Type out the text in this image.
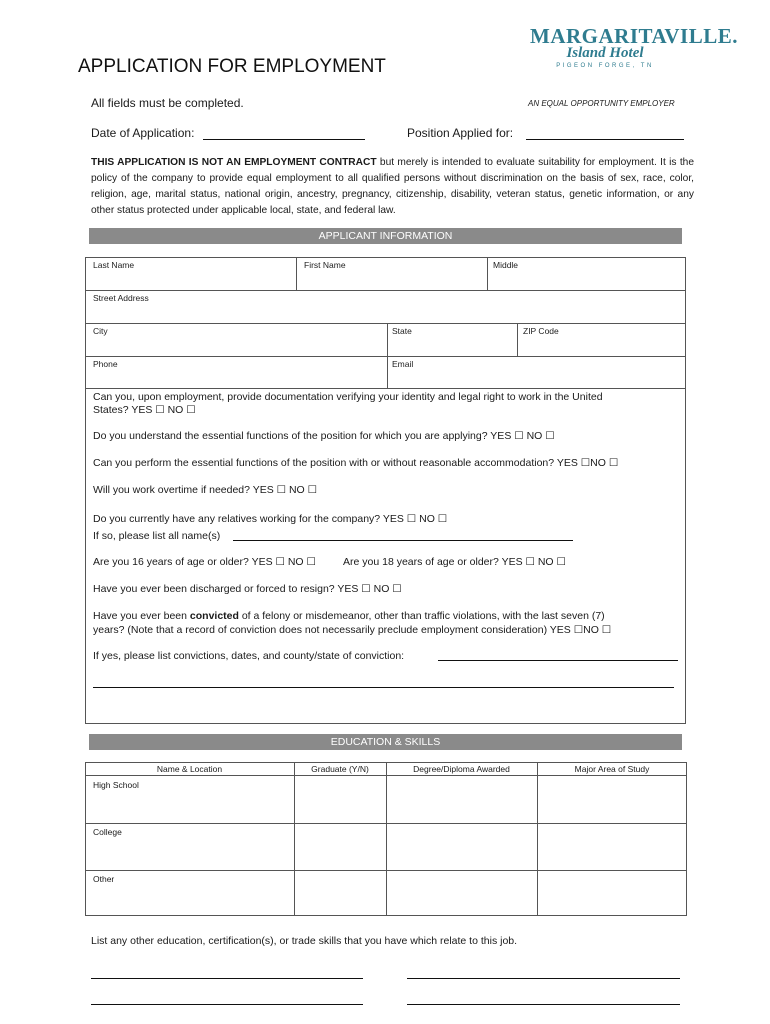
MARGARITAVILLE.
Island Hotel
PIGEON FORGE, TN
APPLICATION FOR EMPLOYMENT
All fields must be completed.	AN EQUAL OPPORTUNITY EMPLOYER
Date of Application:	Position Applied for:
THIS APPLICATION IS NOT AN EMPLOYMENT CONTRACT but merely is intended to evaluate suitability for employment. It is the policy of the company to provide equal employment to all qualified persons without discrimination on the basis of sex, race, color, religion, age, marital status, national origin, ancestry, pregnancy, citizenship, disability, veteran status, genetic information, or any other status protected under applicable local, state, and federal law.
APPLICANT INFORMATION
Last Name	First Name	Middle
Street Address
City	State	ZIP Code
Phone	Email
Can you, upon employment, provide documentation verifying your identity and legal right to work in the United
States? YES ☐ NO ☐
Do you understand the essential functions of the position for which you are applying? YES ☐ NO ☐
Can you perform the essential functions of the position with or without reasonable accommodation? YES ☐NO ☐
Will you work overtime if needed? YES ☐ NO ☐
Do you currently have any relatives working for the company? YES ☐ NO ☐
If so, please list all name(s)
Are you 16 years of age or older? YES ☐ NO ☐	Are you 18 years of age or older? YES ☐ NO ☐
Have you ever been discharged or forced to resign? YES ☐ NO ☐
Have you ever been convicted of a felony or misdemeanor, other than traffic violations, with the last seven (7)
years? (Note that a record of conviction does not necessarily preclude employment consideration) YES ☐NO ☐
If yes, please list convictions, dates, and county/state of conviction:
EDUCATION & SKILLS
Name & Location	Graduate (Y/N)	Degree/Diploma Awarded	Major Area of Study
High School
College
Other
List any other education, certification(s), or trade skills that you have which relate to this job.
